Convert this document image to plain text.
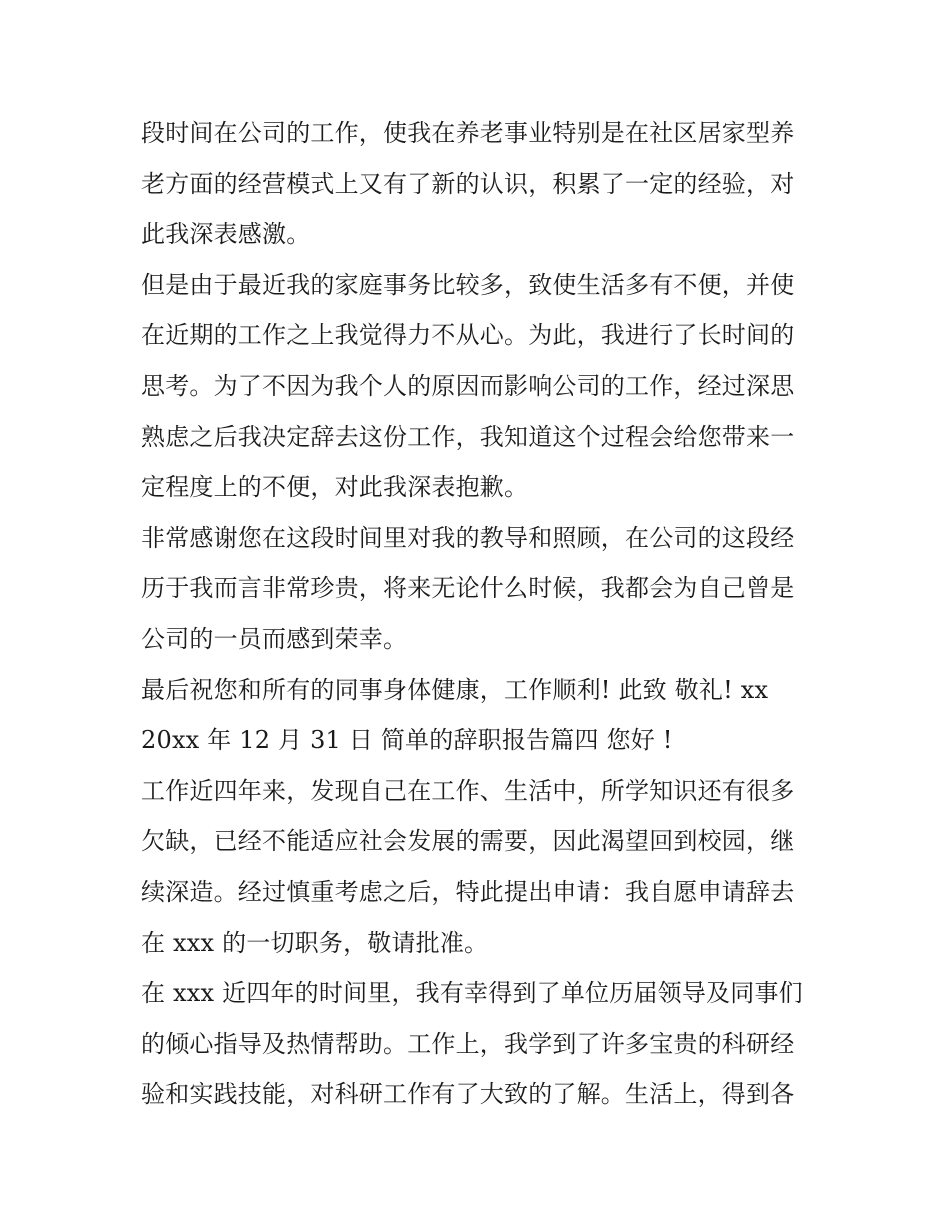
段时间在公司的工作，使我在养老事业特别是在社区居家型养
老方面的经营模式上又有了新的认识，积累了一定的经验，对
此我深表感激。
但是由于最近我的家庭事务比较多，致使生活多有不便，并使
在近期的工作之上我觉得力不从心。为此，我进行了长时间的
思考。为了不因为我个人的原因而影响公司的工作，经过深思
熟虑之后我决定辞去这份工作，我知道这个过程会给您带来一
定程度上的不便，对此我深表抱歉。
非常感谢您在这段时间里对我的教导和照顾，在公司的这段经
历于我而言非常珍贵，将来无论什么时候，我都会为自己曾是
公司的一员而感到荣幸。
最后祝您和所有的同事身体健康，工作顺利! 此致 敬礼! xx
20xx 年 12 月 31 日 简单的辞职报告篇四 您好 !
工作近四年来，发现自己在工作、生活中，所学知识还有很多
欠缺，已经不能适应社会发展的需要，因此渴望回到校园，继
续深造。经过慎重考虑之后，特此提出申请：我自愿申请辞去
在 xxx 的一切职务，敬请批准。
在 xxx 近四年的时间里，我有幸得到了单位历届领导及同事们
的倾心指导及热情帮助。工作上，我学到了许多宝贵的科研经
验和实践技能，对科研工作有了大致的了解。生活上，得到各
